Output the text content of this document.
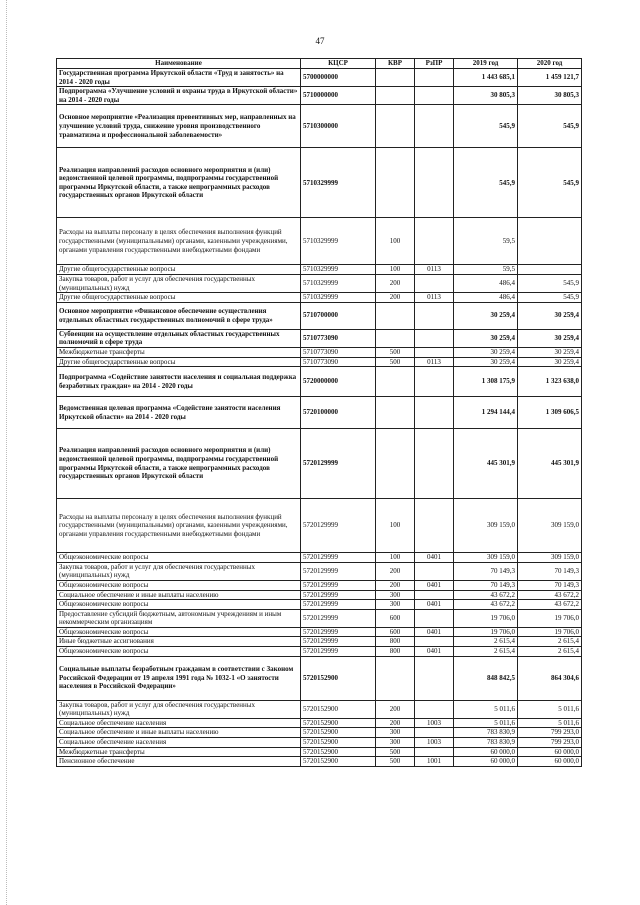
47
Наименование	КЦСР	КВР	РзПР	2019 год	2020 год
Государственная программа Иркутской области «Труд и занятость» на 2014 - 2020 годы	5700000000			1 443 685,1	1 459 121,7
Подпрограмма «Улучшение условий и охраны труда в Иркутской области» на 2014 - 2020 годы	5710000000			30 805,3	30 805,3
Основное мероприятие «Реализация превентивных мер, направленных на улучшение условий труда, снижение уровня производственного травматизма и профессиональной заболеваемости»	5710300000			545,9	545,9
Реализация направлений расходов основного мероприятия и (или) ведомственной целевой программы, подпрограммы государственной программы Иркутской области, а также непрограммных расходов государственных органов Иркутской области	5710329999			545,9	545,9
Расходы на выплаты персоналу в целях обеспечения выполнения функций государственными (муниципальными) органами, казенными учреждениями, органами управления государственными внебюджетными фондами	5710329999	100		59,5	
Другие общегосударственные вопросы	5710329999	100	0113	59,5	
Закупка товаров, работ и услуг для обеспечения государственных (муниципальных) нужд	5710329999	200		486,4	545,9
Другие общегосударственные вопросы	5710329999	200	0113	486,4	545,9
Основное мероприятие «Финансовое обеспечение осуществления отдельных областных государственных полномочий в сфере труда»	5710700000			30 259,4	30 259,4
Субвенции на осуществление отдельных областных государственных полномочий в сфере труда	5710773090			30 259,4	30 259,4
Межбюджетные трансферты	5710773090	500		30 259,4	30 259,4
Другие общегосударственные вопросы	5710773090	500	0113	30 259,4	30 259,4
Подпрограмма «Содействие занятости населения и социальная поддержка безработных граждан» на 2014 - 2020 годы	5720000000			1 308 175,9	1 323 638,0
Ведомственная целевая программа «Содействие занятости населения Иркутской области» на 2014 - 2020 годы	5720100000			1 294 144,4	1 309 606,5
Реализация направлений расходов основного мероприятия и (или) ведомственной целевой программы, подпрограммы государственной программы Иркутской области, а также непрограммных расходов государственных органов Иркутской области	5720129999			445 301,9	445 301,9
Расходы на выплаты персоналу в целях обеспечения выполнения функций государственными (муниципальными) органами, казенными учреждениями, органами управления государственными внебюджетными фондами	5720129999	100		309 159,0	309 159,0
Общеэкономические вопросы	5720129999	100	0401	309 159,0	309 159,0
Закупка товаров, работ и услуг для обеспечения государственных (муниципальных) нужд	5720129999	200		70 149,3	70 149,3
Общеэкономические вопросы	5720129999	200	0401	70 149,3	70 149,3
Социальное обеспечение и иные выплаты населению	5720129999	300		43 672,2	43 672,2
Общеэкономические вопросы	5720129999	300	0401	43 672,2	43 672,2
Предоставление субсидий бюджетным, автономным учреждениям и иным некоммерческим организациям	5720129999	600		19 706,0	19 706,0
Общеэкономические вопросы	5720129999	600	0401	19 706,0	19 706,0
Иные бюджетные ассигнования	5720129999	800		2 615,4	2 615,4
Общеэкономические вопросы	5720129999	800	0401	2 615,4	2 615,4
Социальные выплаты безработным гражданам в соответствии с Законом Российской Федерации от 19 апреля 1991 года № 1032-1 «О занятости населения в Российской Федерации»	5720152900			848 842,5	864 304,6
Закупка товаров, работ и услуг для обеспечения государственных (муниципальных) нужд	5720152900	200		5 011,6	5 011,6
Социальное обеспечение населения	5720152900	200	1003	5 011,6	5 011,6
Социальное обеспечение и иные выплаты населению	5720152900	300		783 830,9	799 293,0
Социальное обеспечение населения	5720152900	300	1003	783 830,9	799 293,0
Межбюджетные трансферты	5720152900	500		60 000,0	60 000,0
Пенсионное обеспечение	5720152900	500	1001	60 000,0	60 000,0
